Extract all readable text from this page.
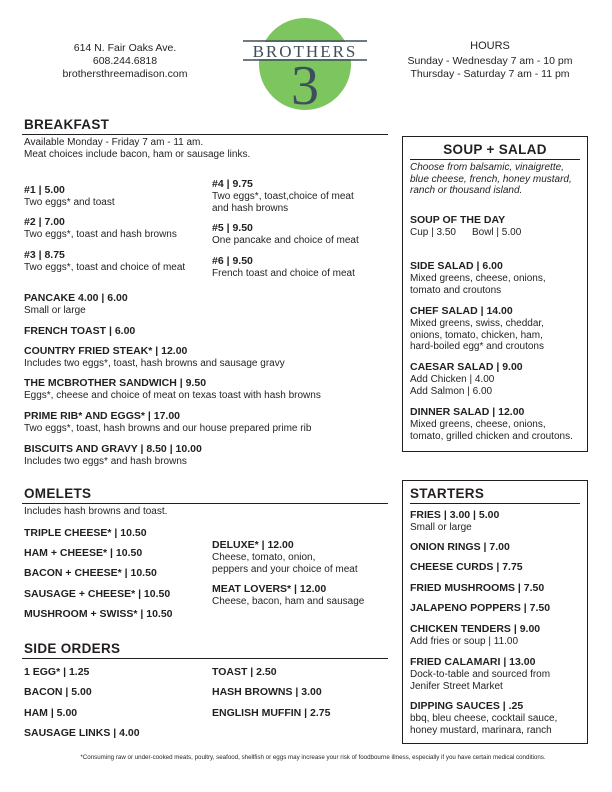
614 N. Fair Oaks Ave.
608.244.6818
brothersthreemadison.com
BROTHERS
3
HOURS
Sunday - Wednesday 7 am - 10 pm
Thursday - Saturday 7 am - 11 pm
BREAKFAST
Available Monday - Friday 7 am - 11 am.
Meat choices include bacon, ham or sausage links.
#1 | 5.00
Two eggs* and toast
#2 | 7.00
Two eggs*, toast and hash browns
#3 | 8.75
Two eggs*, toast and choice of meat
#4 | 9.75
Two eggs*, toast,choice of meat
and hash browns
#5 | 9.50
One pancake and choice of meat
#6 | 9.50
French toast and choice of meat
PANCAKE 4.00 | 6.00
Small or large
FRENCH TOAST | 6.00
COUNTRY FRIED STEAK* | 12.00
Includes two eggs*, toast, hash browns and sausage gravy
THE MCBROTHER SANDWICH | 9.50
Eggs*, cheese and choice of meat on texas toast with hash browns
PRIME RIB* AND EGGS* | 17.00
Two eggs*, toast, hash browns and our house prepared prime rib
BISCUITS AND GRAVY | 8.50 | 10.00
Includes two eggs* and hash browns
OMELETS
Includes hash browns and toast.
TRIPLE CHEESE* | 10.50
HAM + CHEESE* | 10.50
BACON + CHEESE* | 10.50
SAUSAGE + CHEESE* | 10.50
MUSHROOM + SWISS* | 10.50
DELUXE* | 12.00
Cheese, tomato, onion,
peppers and your choice of meat
MEAT LOVERS* | 12.00
Cheese, bacon, ham and sausage
SIDE ORDERS
1 EGG* | 1.25
BACON | 5.00
HAM | 5.00
SAUSAGE LINKS | 4.00
TOAST | 2.50
HASH BROWNS | 3.00
ENGLISH MUFFIN | 2.75
SOUP + SALAD
Choose from balsamic, vinaigrette,
blue cheese, french, honey mustard,
ranch or thousand island.
SOUP OF THE DAY
Cup | 3.50 Bowl | 5.00
SIDE SALAD | 6.00
Mixed greens, cheese, onions,
tomato and croutons
CHEF SALAD | 14.00
Mixed greens, swiss, cheddar,
onions, tomato, chicken, ham,
hard-boiled egg* and croutons
CAESAR SALAD | 9.00
Add Chicken | 4.00
Add Salmon | 6.00
DINNER SALAD | 12.00
Mixed greens, cheese, onions,
tomato, grilled chicken and croutons.
STARTERS
FRIES | 3.00 | 5.00
Small or large
ONION RINGS | 7.00
CHEESE CURDS | 7.75
FRIED MUSHROOMS | 7.50
JALAPENO POPPERS | 7.50
CHICKEN TENDERS | 9.00
Add fries or soup | 11.00
FRIED CALAMARI | 13.00
Dock-to-table and sourced from
Jenifer Street Market
DIPPING SAUCES | .25
bbq, bleu cheese, cocktail sauce,
honey mustard, marinara, ranch
*Consuming raw or under-cooked meats, poultry, seafood, shellfish or eggs may increase your risk of foodbourne illness, especially if you have certain medical conditions.
